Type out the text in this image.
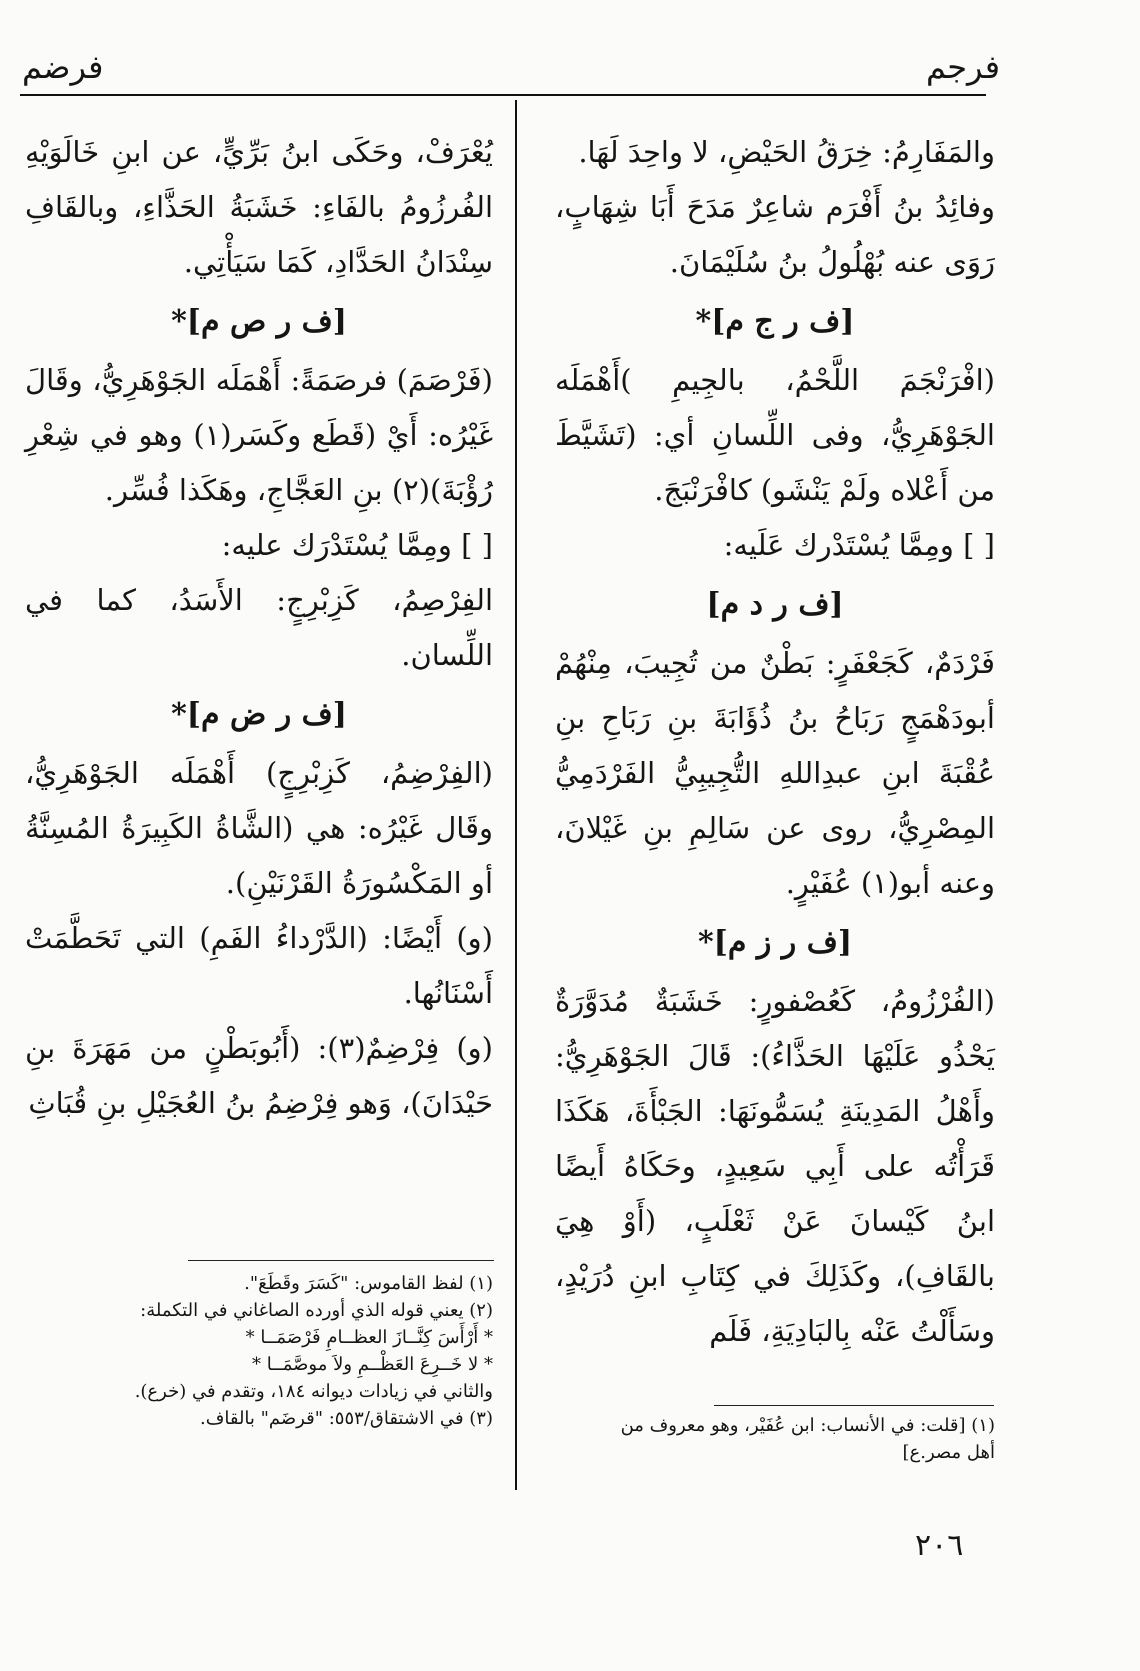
فرجم
فرضم

والمَفَارِمُ: خِرَقُ الحَيْضِ، لا واحِدَ لَهَا.

وفائِدُ بنُ أَفْرَم شاعِرٌ مَدَحَ أَبَا شِهَابٍ، رَوَى عنه بُهْلُولُ بنُ سُلَيْمَانَ.

[ف ر ج م]*

(افْرَنْجَمَ اللَّحْمُ، بالجِيمِ )أَهْمَلَه الجَوْهَرِيُّ، وفى اللِّسانِ أي: (تَشَيَّطَ من أَعْلاه ولَمْ يَنْشَو) كافْرَنْبَجَ.

[ ] ومِمَّا يُسْتَدْرك عَلَيه:

[ف ر د م]

فَرْدَمٌ، كَجَعْفَرٍ: بَطْنٌ من تُجِيبَ، مِنْهُمْ أبودَهْمَجٍ رَبَاحُ بنُ ذُؤَابَةَ بنِ رَبَاحِ بنِ عُقْبَةَ ابنِ عبدِاللهِ التُّجِيبِيُّ الفَرْدَمِيُّ المِصْرِيُّ، روى عن سَالِمِ بنِ غَيْلانَ، وعنه أبو(١) عُفَيْرٍ.

[ف ر ز م]*

(الفُرْزُومُ، كَعُصْفورٍ: خَشَبَةٌ مُدَوَّرَةٌ يَحْذُو عَلَيْهَا الحَذَّاءُ): قَالَ الجَوْهَرِيُّ: وأَهْلُ المَدِينَةِ يُسَمُّونَهَا: الجَبْأَةَ، هَكَذَا قَرَأْتُه على أَبِي سَعِيدٍ، وحَكَاهُ أَيضًا ابنُ كَيْسانَ عَنْ ثَعْلَبٍ، (أَوْ هِيَ بالقَافِ)، وكَذَلِكَ في كِتَابِ ابنِ دُرَيْدٍ، وسَأَلْتُ عَنْه بِالبَادِيَةِ، فَلَم

يُعْرَفْ، وحَكَى ابنُ بَرِّيٍّ، عن ابنِ خَالَوَيْهِ الفُرزُومُ بالفَاءِ: خَشَبَةُ الحَذَّاءِ، وبالقَافِ سِنْدَانُ الحَدَّادِ، كَمَا سَيَأْتِي.

[ف ر ص م]*

(فَرْصَمَ) فرصَمَةً: أَهْمَلَه الجَوْهَرِيُّ، وقَالَ غَيْرُه: أَيْ (قَطَع وكَسَر(١) وهو في شِعْرِ رُؤْبَةَ)(٢) بنِ العَجَّاجِ، وهَكَذا فُسِّر.

[ ] ومِمَّا يُسْتَدْرَك عليه:

الفِرْصِمُ، كَزِبْرِجٍ: الأَسَدُ، كما في اللِّسان.

[ف ر ض م]*

(الفِرْضِمُ، كَزِبْرِجٍ) أَهْمَلَه الجَوْهَرِيُّ، وقَال غَيْرُه: هي (الشَّاةُ الكَبِيرَةُ المُسِنَّةُ أو المَكْسُورَةُ القَرْنَيْنِ).

(و) أَيْضًا: (الدَّرْداءُ الفَمِ) التي تَحَطَّمَتْ أَسْنَانُها.

(و) فِرْضِمٌ(٣): (أَبُوبَطْنٍ من مَهَرَةَ بنِ حَيْدَانَ)، وَهو فِرْضِمُ بنُ العُجَيْلِ بنِ قُبَاثِ

(١) [قلت: في الأنساب: ابن عُفَيْر، وهو معروف من
أهل مصر.ع]
(١) لفظ القاموس: "كَسَرَ وقَطَعَ".
(٢) يعني قوله الذي أورده الصاغاني في التكملة:
* أَرْأَسَ كِنَّــازَ العظــامِ فَرْصَمَــا *
* لا خَــرِعَ العَظْــمِ ولاَ موصَّمَــا *
والثاني في زيادات ديوانه ١٨٤، وتقدم في (خرع).
(٣) في الاشتقاق/٥٥٣: "قرضَم" بالقاف.
٢٠٦
